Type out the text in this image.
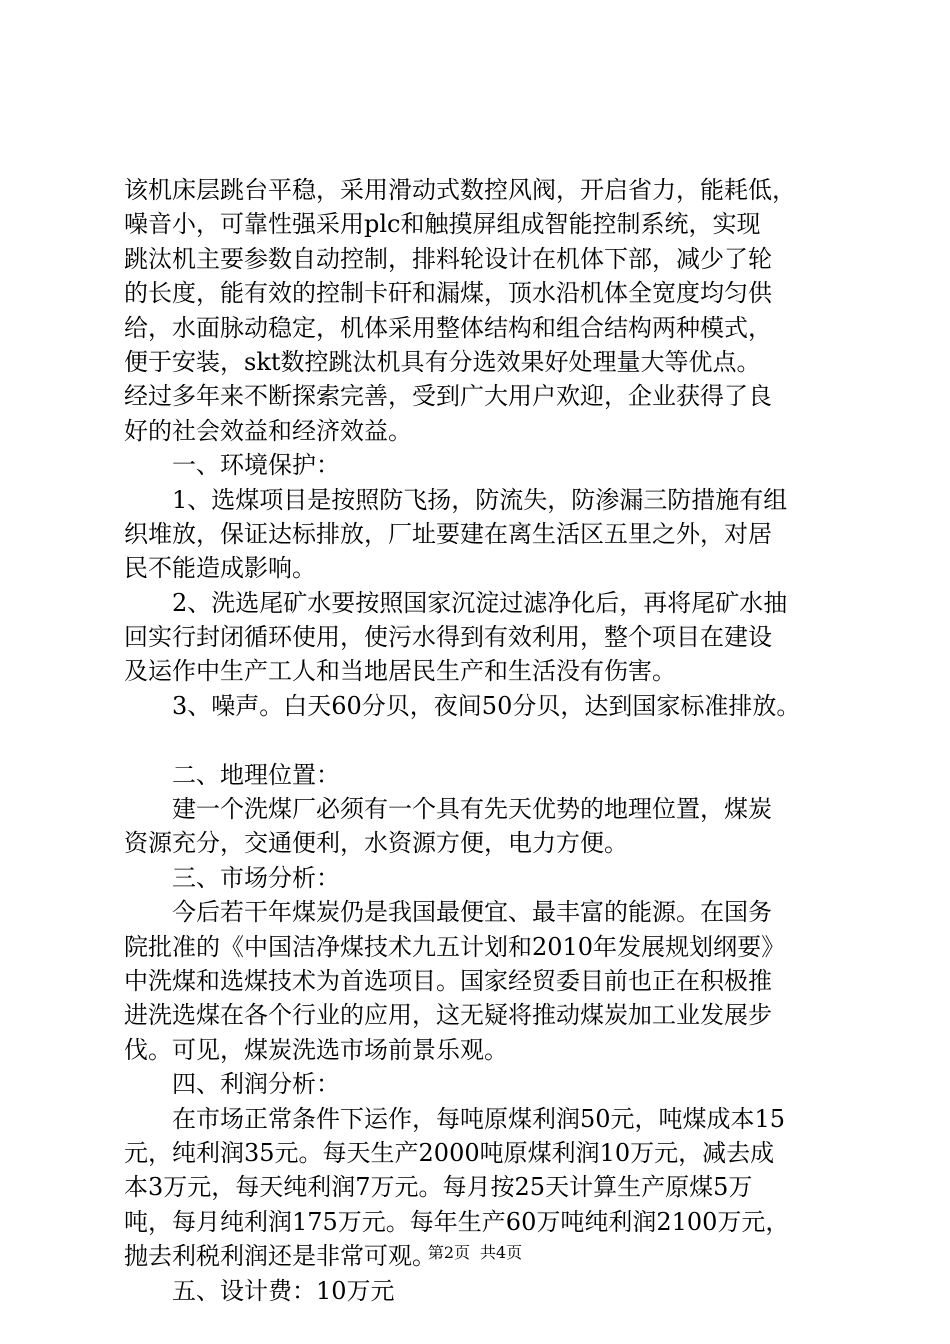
该机床层跳台平稳，采用滑动式数控风阀，开启省力，能耗低，
噪音小，可靠性强采用plc和触摸屏组成智能控制系统，实现
跳汰机主要参数自动控制，排料轮设计在机体下部，减少了轮
的长度，能有效的控制卡矸和漏煤，顶水沿机体全宽度均匀供
给，水面脉动稳定，机体采用整体结构和组合结构两种模式，
便于安装，skt数控跳汰机具有分选效果好处理量大等优点。
经过多年来不断探索完善，受到广大用户欢迎，企业获得了良
好的社会效益和经济效益。
　　一、环境保护：
　　1、选煤项目是按照防飞扬，防流失，防渗漏三防措施有组
织堆放，保证达标排放，厂址要建在离生活区五里之外，对居
民不能造成影响。
　　2、洗选尾矿水要按照国家沉淀过滤净化后，再将尾矿水抽
回实行封闭循环使用，使污水得到有效利用，整个项目在建设
及运作中生产工人和当地居民生产和生活没有伤害。
　　3、噪声。白天60分贝，夜间50分贝，达到国家标准排放。
　　二、地理位置：
　　建一个洗煤厂必须有一个具有先天优势的地理位置，煤炭
资源充分，交通便利，水资源方便，电力方便。
　　三、市场分析：
　　今后若干年煤炭仍是我国最便宜、最丰富的能源。在国务
院批准的《中国洁净煤技术九五计划和2010年发展规划纲要》
中洗煤和选煤技术为首选项目。国家经贸委目前也正在积极推
进洗选煤在各个行业的应用，这无疑将推动煤炭加工业发展步
伐。可见，煤炭洗选市场前景乐观。
　　四、利润分析：
　　在市场正常条件下运作，每吨原煤利润50元，吨煤成本15
元，纯利润35元。每天生产2000吨原煤利润10万元，减去成
本3万元，每天纯利润7万元。每月按25天计算生产原煤5万
吨，每月纯利润175万元。每年生产60万吨纯利润2100万元，
抛去利税利润还是非常可观。
　　五、设计费：10万元
第2页 共4页
